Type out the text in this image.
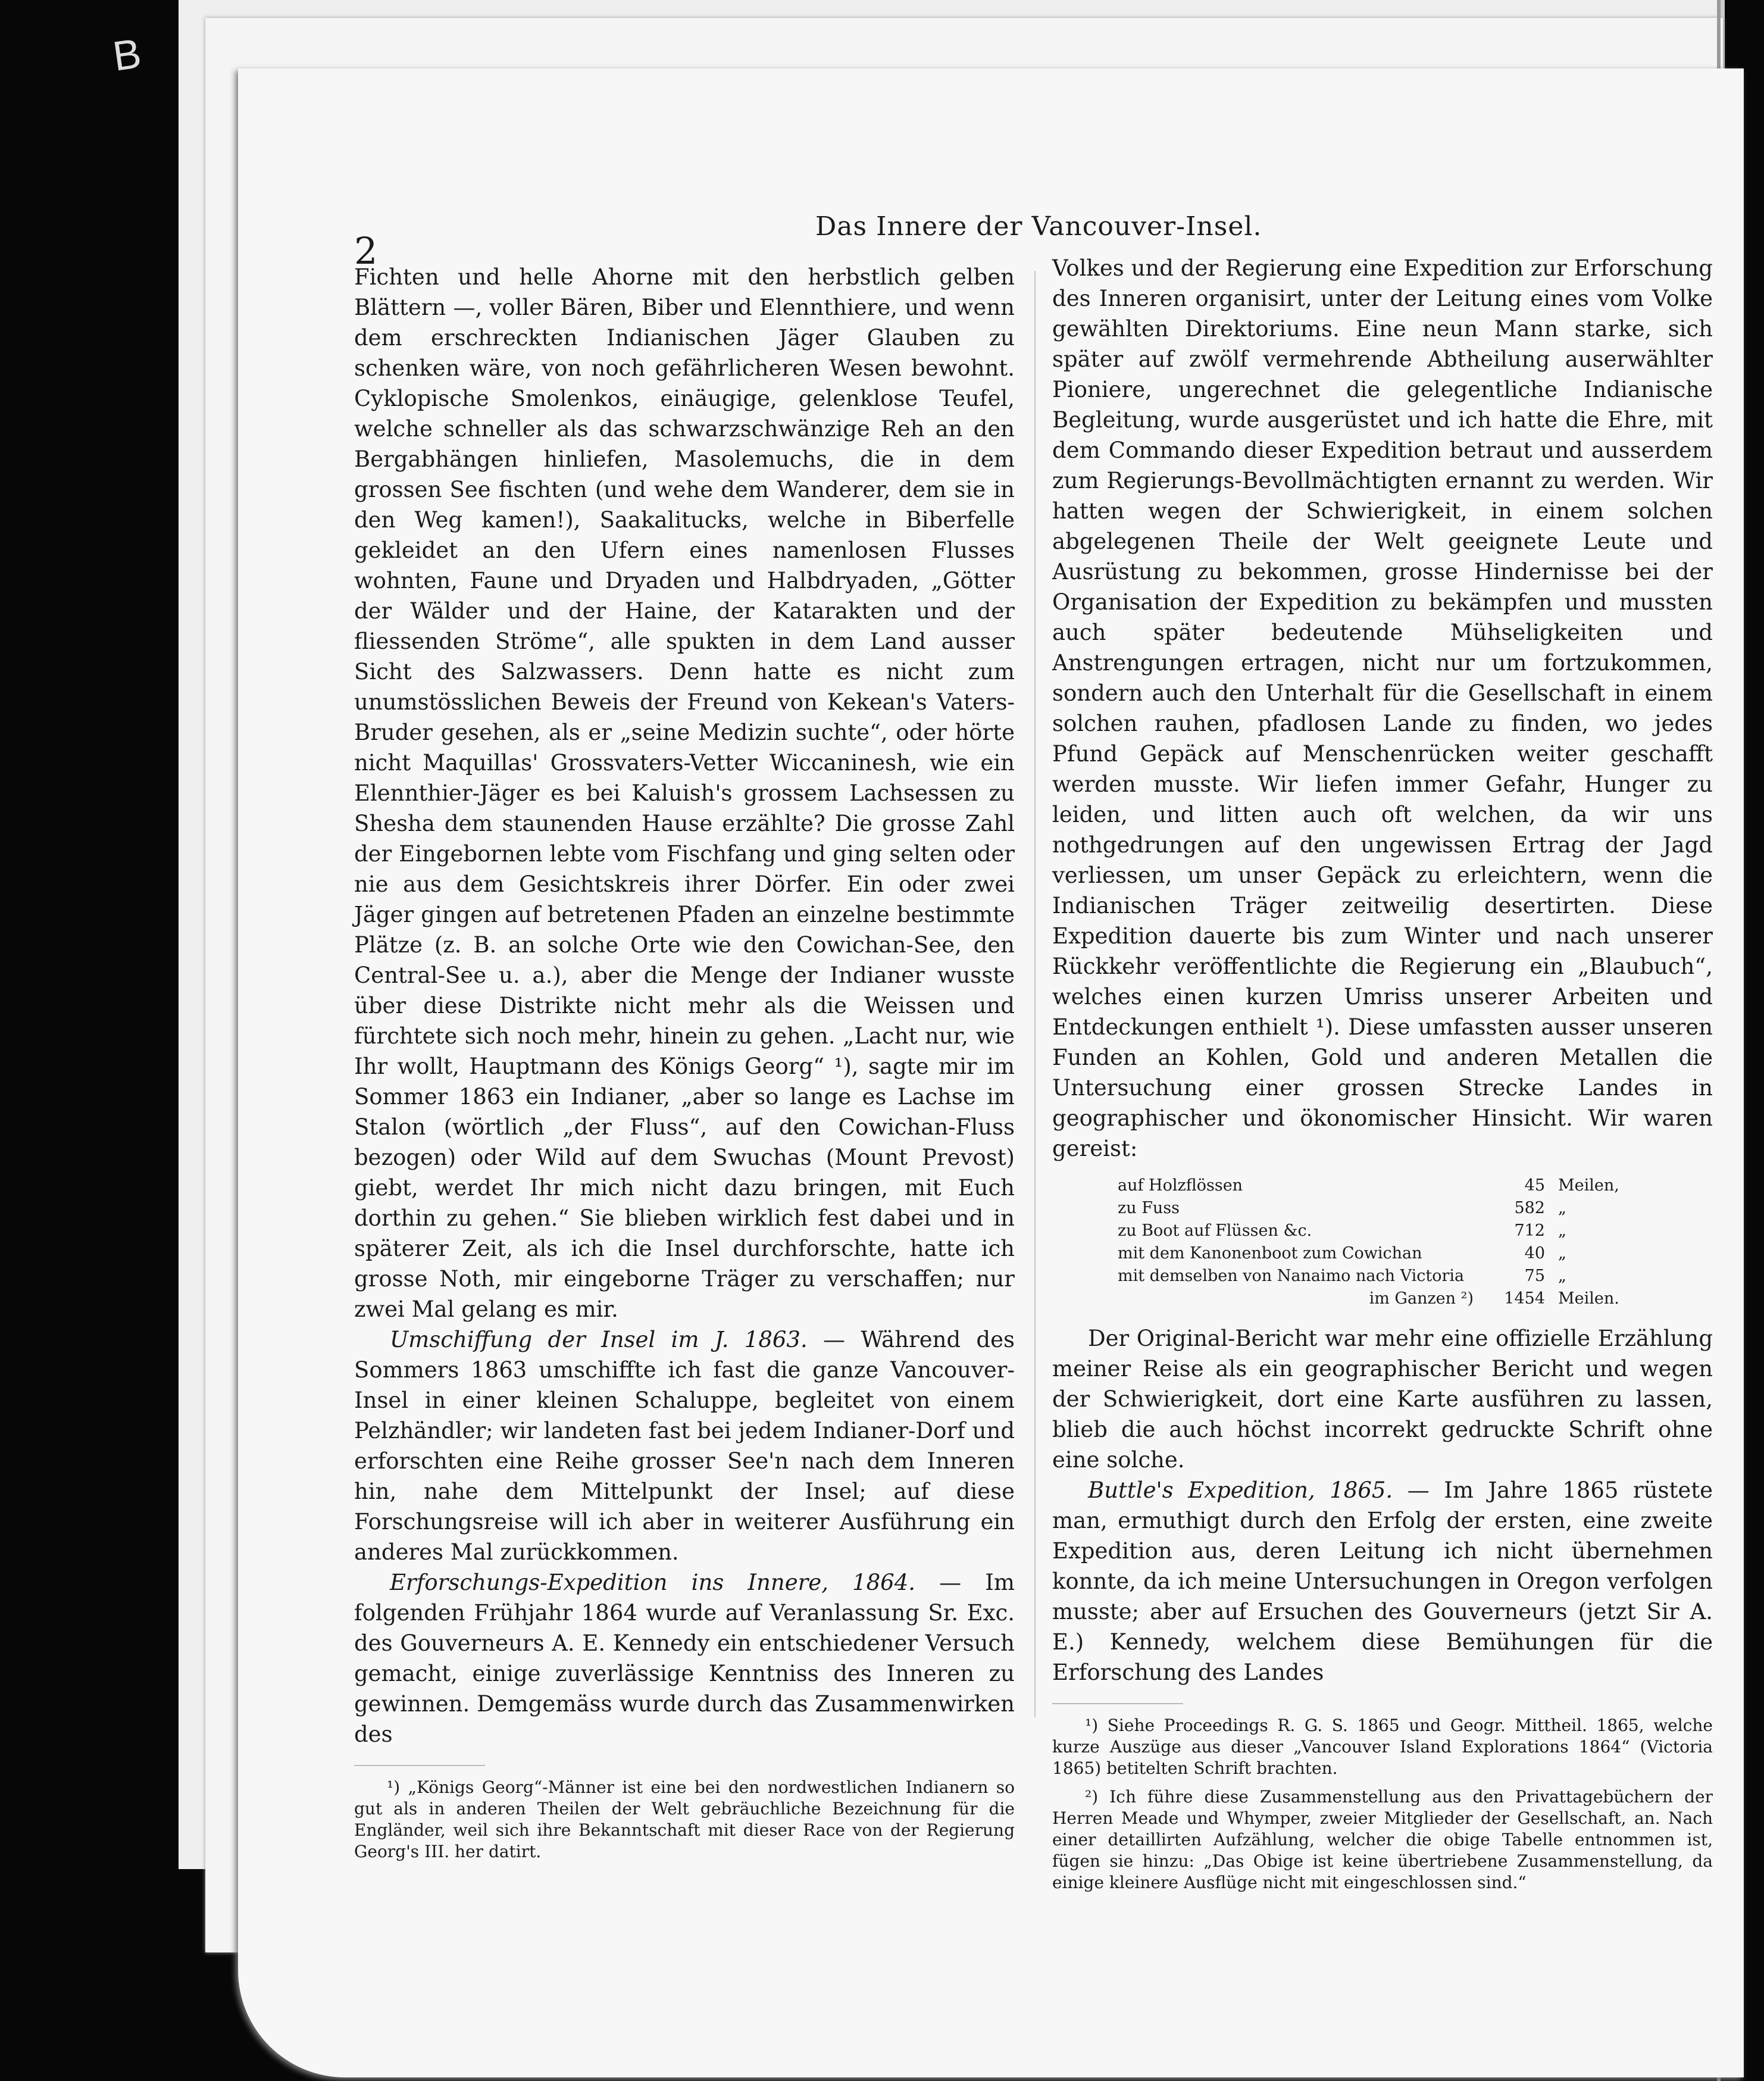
B
2
Das Innere der Vancouver-Insel.

Fichten und helle Ahorne mit den herbstlich gelben Blättern —, voller Bären, Biber und Elennthiere, und wenn dem erschreckten Indianischen Jäger Glauben zu schenken wäre, von noch gefährlicheren Wesen bewohnt. Cyklopische Smolenkos, einäugige, gelenklose Teufel, welche schneller als das schwarzschwänzige Reh an den Bergabhängen hinliefen, Masolemuchs, die in dem grossen See fischten (und wehe dem Wanderer, dem sie in den Weg kamen!), Saakalitucks, welche in Biberfelle gekleidet an den Ufern eines namenlosen Flusses wohnten, Faune und Dryaden und Halbdryaden, „Götter der Wälder und der Haine, der Katarakten und der fliessenden Ströme“, alle spukten in dem Land ausser Sicht des Salzwassers. Denn hatte es nicht zum unumstösslichen Beweis der Freund von Kekean's Vaters-Bruder gesehen, als er „seine Medizin suchte“, oder hörte nicht Maquillas' Grossvaters-Vetter Wiccaninesh, wie ein Elennthier-Jäger es bei Kaluish's grossem Lachsessen zu Shesha dem staunenden Hause erzählte? Die grosse Zahl der Eingebornen lebte vom Fischfang und ging selten oder nie aus dem Gesichtskreis ihrer Dörfer. Ein oder zwei Jäger gingen auf betretenen Pfaden an einzelne bestimmte Plätze (z. B. an solche Orte wie den Cowichan-See, den Central-See u. a.), aber die Menge der Indianer wusste über diese Distrikte nicht mehr als die Weissen und fürchtete sich noch mehr, hinein zu gehen. „Lacht nur, wie Ihr wollt, Hauptmann des Königs Georg“ ¹), sagte mir im Sommer 1863 ein Indianer, „aber so lange es Lachse im Stalon (wörtlich „der Fluss“, auf den Cowichan-Fluss bezogen) oder Wild auf dem Swuchas (Mount Prevost) giebt, werdet Ihr mich nicht dazu bringen, mit Euch dorthin zu gehen.“ Sie blieben wirklich fest dabei und in späterer Zeit, als ich die Insel durchforschte, hatte ich grosse Noth, mir eingeborne Träger zu verschaffen; nur zwei Mal gelang es mir.

Umschiffung der Insel im J. 1863. — Während des Sommers 1863 umschiffte ich fast die ganze Vancouver-Insel in einer kleinen Schaluppe, begleitet von einem Pelzhändler; wir landeten fast bei jedem Indianer-Dorf und erforschten eine Reihe grosser See'n nach dem Inneren hin, nahe dem Mittelpunkt der Insel; auf diese Forschungsreise will ich aber in weiterer Ausführung ein anderes Mal zurückkommen.

Erforschungs-Expedition ins Innere, 1864. — Im folgenden Frühjahr 1864 wurde auf Veranlassung Sr. Exc. des Gouverneurs A. E. Kennedy ein entschiedener Versuch gemacht, einige zuverlässige Kenntniss des Inneren zu gewinnen. Demgemäss wurde durch das Zusammenwirken des

¹) „Königs Georg“-Männer ist eine bei den nordwestlichen Indianern so gut als in anderen Theilen der Welt gebräuchliche Bezeichnung für die Engländer, weil sich ihre Bekanntschaft mit dieser Race von der Regierung Georg's III. her datirt.

Volkes und der Regierung eine Expedition zur Erforschung des Inneren organisirt, unter der Leitung eines vom Volke gewählten Direktoriums. Eine neun Mann starke, sich später auf zwölf vermehrende Abtheilung auserwählter Pioniere, ungerechnet die gelegentliche Indianische Begleitung, wurde ausgerüstet und ich hatte die Ehre, mit dem Commando dieser Expedition betraut und ausserdem zum Regierungs-Bevollmächtigten ernannt zu werden. Wir hatten wegen der Schwierigkeit, in einem solchen abgelegenen Theile der Welt geeignete Leute und Ausrüstung zu bekommen, grosse Hindernisse bei der Organisation der Expedition zu bekämpfen und mussten auch später bedeutende Mühseligkeiten und Anstrengungen ertragen, nicht nur um fortzukommen, sondern auch den Unterhalt für die Gesellschaft in einem solchen rauhen, pfadlosen Lande zu finden, wo jedes Pfund Gepäck auf Menschenrücken weiter geschafft werden musste. Wir liefen immer Gefahr, Hunger zu leiden, und litten auch oft welchen, da wir uns nothgedrungen auf den ungewissen Ertrag der Jagd verliessen, um unser Gepäck zu erleichtern, wenn die Indianischen Träger zeitweilig desertirten. Diese Expedition dauerte bis zum Winter und nach unserer Rückkehr veröffentlichte die Regierung ein „Blaubuch“, welches einen kurzen Umriss unserer Arbeiten und Entdeckungen enthielt ¹). Diese umfassten ausser unseren Funden an Kohlen, Gold und anderen Metallen die Untersuchung einer grossen Strecke Landes in geographischer und ökonomischer Hinsicht. Wir waren gereist:

auf Holzflössen	45 Meilen,
zu Fuss	582 „
zu Boot auf Flüssen &c.	712 „
mit dem Kanonenboot zum Cowichan	40 „
mit demselben von Nanaimo nach Victoria	75 „
im Ganzen ²)	1454 Meilen.

Der Original-Bericht war mehr eine offizielle Erzählung meiner Reise als ein geographischer Bericht und wegen der Schwierigkeit, dort eine Karte ausführen zu lassen, blieb die auch höchst incorrekt gedruckte Schrift ohne eine solche.

Buttle's Expedition, 1865. — Im Jahre 1865 rüstete man, ermuthigt durch den Erfolg der ersten, eine zweite Expedition aus, deren Leitung ich nicht übernehmen konnte, da ich meine Untersuchungen in Oregon verfolgen musste; aber auf Ersuchen des Gouverneurs (jetzt Sir A. E.) Kennedy, welchem diese Bemühungen für die Erforschung des Landes

¹) Siehe Proceedings R. G. S. 1865 und Geogr. Mittheil. 1865, welche kurze Auszüge aus dieser „Vancouver Island Explorations 1864“ (Victoria 1865) betitelten Schrift brachten.

²) Ich führe diese Zusammenstellung aus den Privattagebüchern der Herren Meade und Whymper, zweier Mitglieder der Gesellschaft, an. Nach einer detaillirten Aufzählung, welcher die obige Tabelle entnommen ist, fügen sie hinzu: „Das Obige ist keine übertriebene Zusammenstellung, da einige kleinere Ausflüge nicht mit eingeschlossen sind.“
